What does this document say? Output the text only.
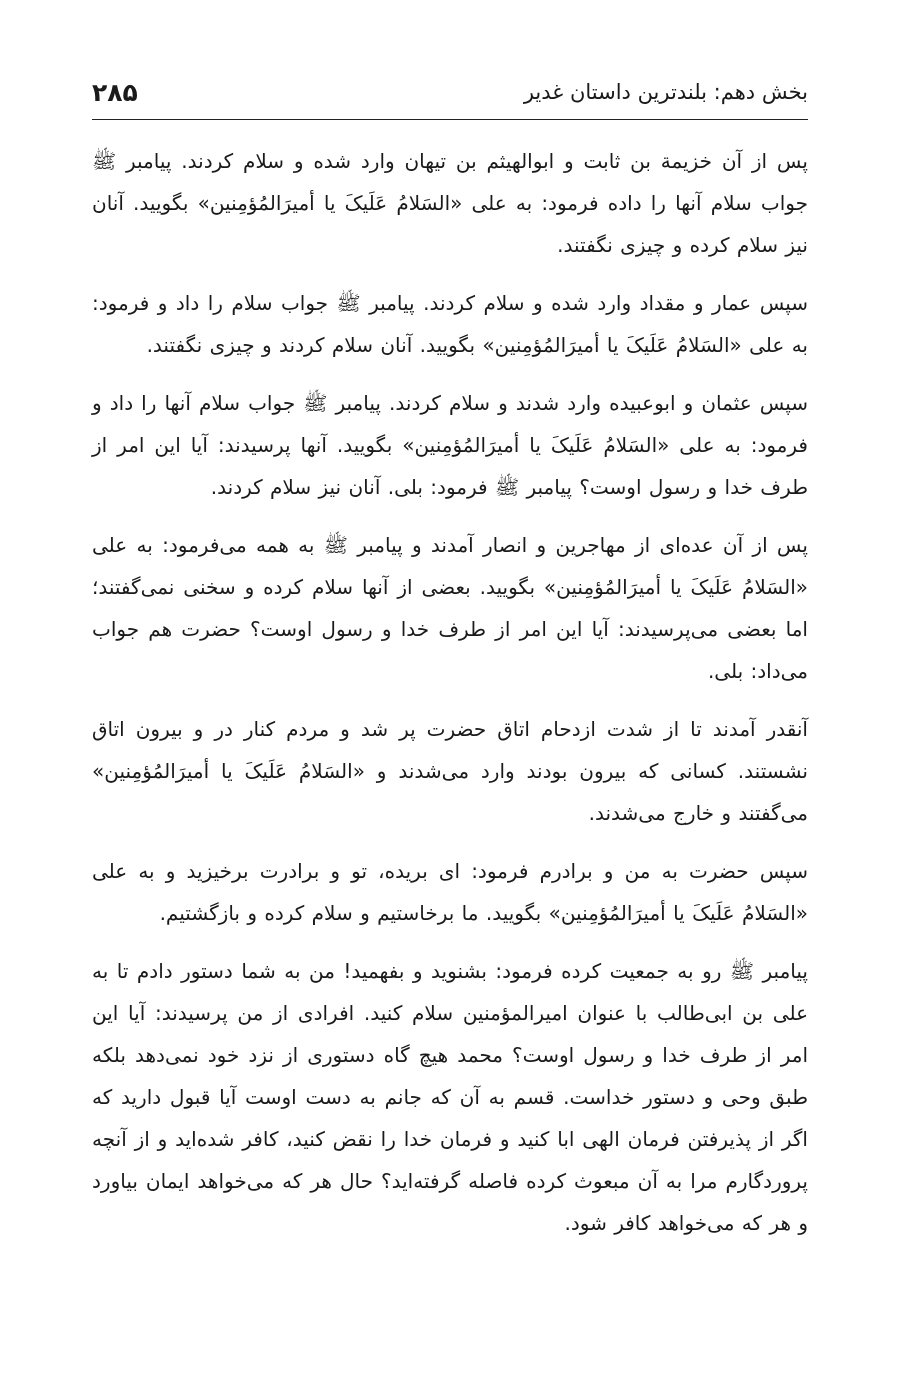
بخش دهم: بلندترین داستان غدیر
۲۸۵

پس از آن خزیمة بن ثابت و ابوالهیثم بن تیهان وارد شده و سلام کردند. پیامبر ﷺ جواب سلام آنها را داده فرمود: به علی «السَلامُ عَلَیکَ یا أمیرَالمُؤمِنین» بگویید. آنان نیز سلام کرده و چیزی نگفتند.

سپس عمار و مقداد وارد شده و سلام کردند. پیامبر ﷺ جواب سلام را داد و فرمود: به علی «السَلامُ عَلَیکَ یا أمیرَالمُؤمِنین» بگویید. آنان سلام کردند و چیزی نگفتند.

سپس عثمان و ابوعبیده وارد شدند و سلام کردند. پیامبر ﷺ جواب سلام آنها را داد و فرمود: به علی «السَلامُ عَلَیکَ یا أمیرَالمُؤمِنین» بگویید. آنها پرسیدند: آیا این امر از طرف خدا و رسول اوست؟ پیامبر ﷺ فرمود: بلی. آنان نیز سلام کردند.

پس از آن عده‌ای از مهاجرین و انصار آمدند و پیامبر ﷺ به همه می‌فرمود: به علی «السَلامُ عَلَیکَ یا أمیرَالمُؤمِنین» بگویید. بعضی از آنها سلام کرده و سخنی نمی‌گفتند؛ اما بعضی می‌پرسیدند: آیا این امر از طرف خدا و رسول اوست؟ حضرت هم جواب می‌داد: بلی.

آنقدر آمدند تا از شدت ازدحام اتاق حضرت پر شد و مردم کنار در و بیرون اتاق نشستند. کسانی که بیرون بودند وارد می‌شدند و «السَلامُ عَلَیکَ یا أمیرَالمُؤمِنین» می‌گفتند و خارج می‌شدند.

سپس حضرت به من و برادرم فرمود: ای بریده، تو و برادرت برخیزید و به علی «السَلامُ عَلَیکَ یا أمیرَالمُؤمِنین» بگویید. ما برخاستیم و سلام کرده و بازگشتیم.

پیامبر ﷺ رو به جمعیت کرده فرمود: بشنوید و بفهمید! من به شما دستور دادم تا به علی بن ابی‌طالب با عنوان امیرالمؤمنین سلام کنید. افرادی از من پرسیدند: آیا این امر از طرف خدا و رسول اوست؟ محمد هیچ گاه دستوری از نزد خود نمی‌دهد بلکه طبق وحی و دستور خداست. قسم به آن که جانم به دست اوست آیا قبول دارید که اگر از پذیرفتن فرمان الهی ابا کنید و فرمان خدا را نقض کنید، کافر شده‌اید و از آنچه پروردگارم مرا به آن مبعوث کرده فاصله گرفته‌اید؟ حال هر که می‌خواهد ایمان بیاورد و هر که می‌خواهد کافر شود.
